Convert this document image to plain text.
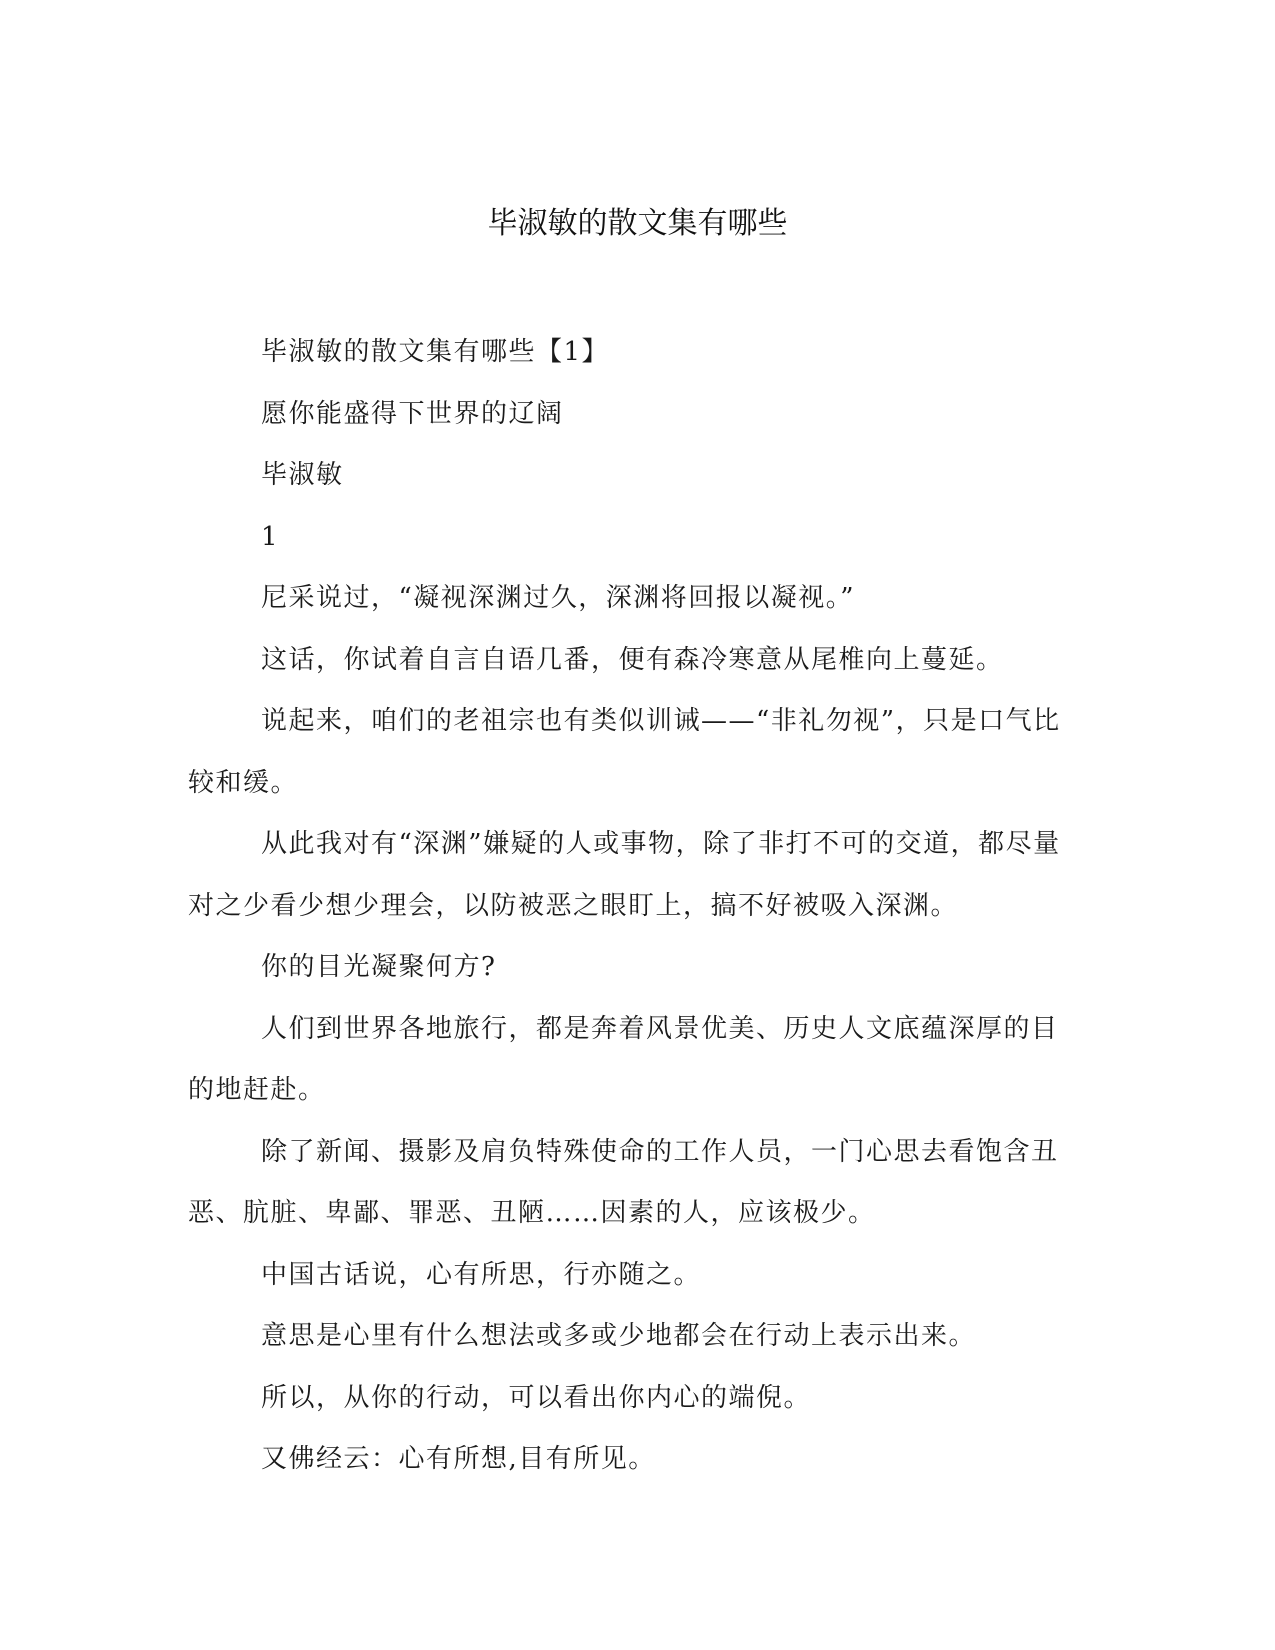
毕淑敏的散文集有哪些

毕淑敏的散文集有哪些【1】

愿你能盛得下世界的辽阔

毕淑敏

1

尼采说过，“凝视深渊过久，深渊将回报以凝视。”

这话，你试着自言自语几番，便有森冷寒意从尾椎向上蔓延。

说起来，咱们的老祖宗也有类似训诫——“非礼勿视”，只是口气比较和缓。

从此我对有“深渊”嫌疑的人或事物，除了非打不可的交道，都尽量对之少看少想少理会，以防被恶之眼盯上，搞不好被吸入深渊。

你的目光凝聚何方?

人们到世界各地旅行，都是奔着风景优美、历史人文底蕴深厚的目的地赶赴。

除了新闻、摄影及肩负特殊使命的工作人员，一门心思去看饱含丑恶、肮脏、卑鄙、罪恶、丑陋……因素的人，应该极少。

中国古话说，心有所思，行亦随之。

意思是心里有什么想法或多或少地都会在行动上表示出来。

所以，从你的行动，可以看出你内心的端倪。

又佛经云：心有所想,目有所见。
